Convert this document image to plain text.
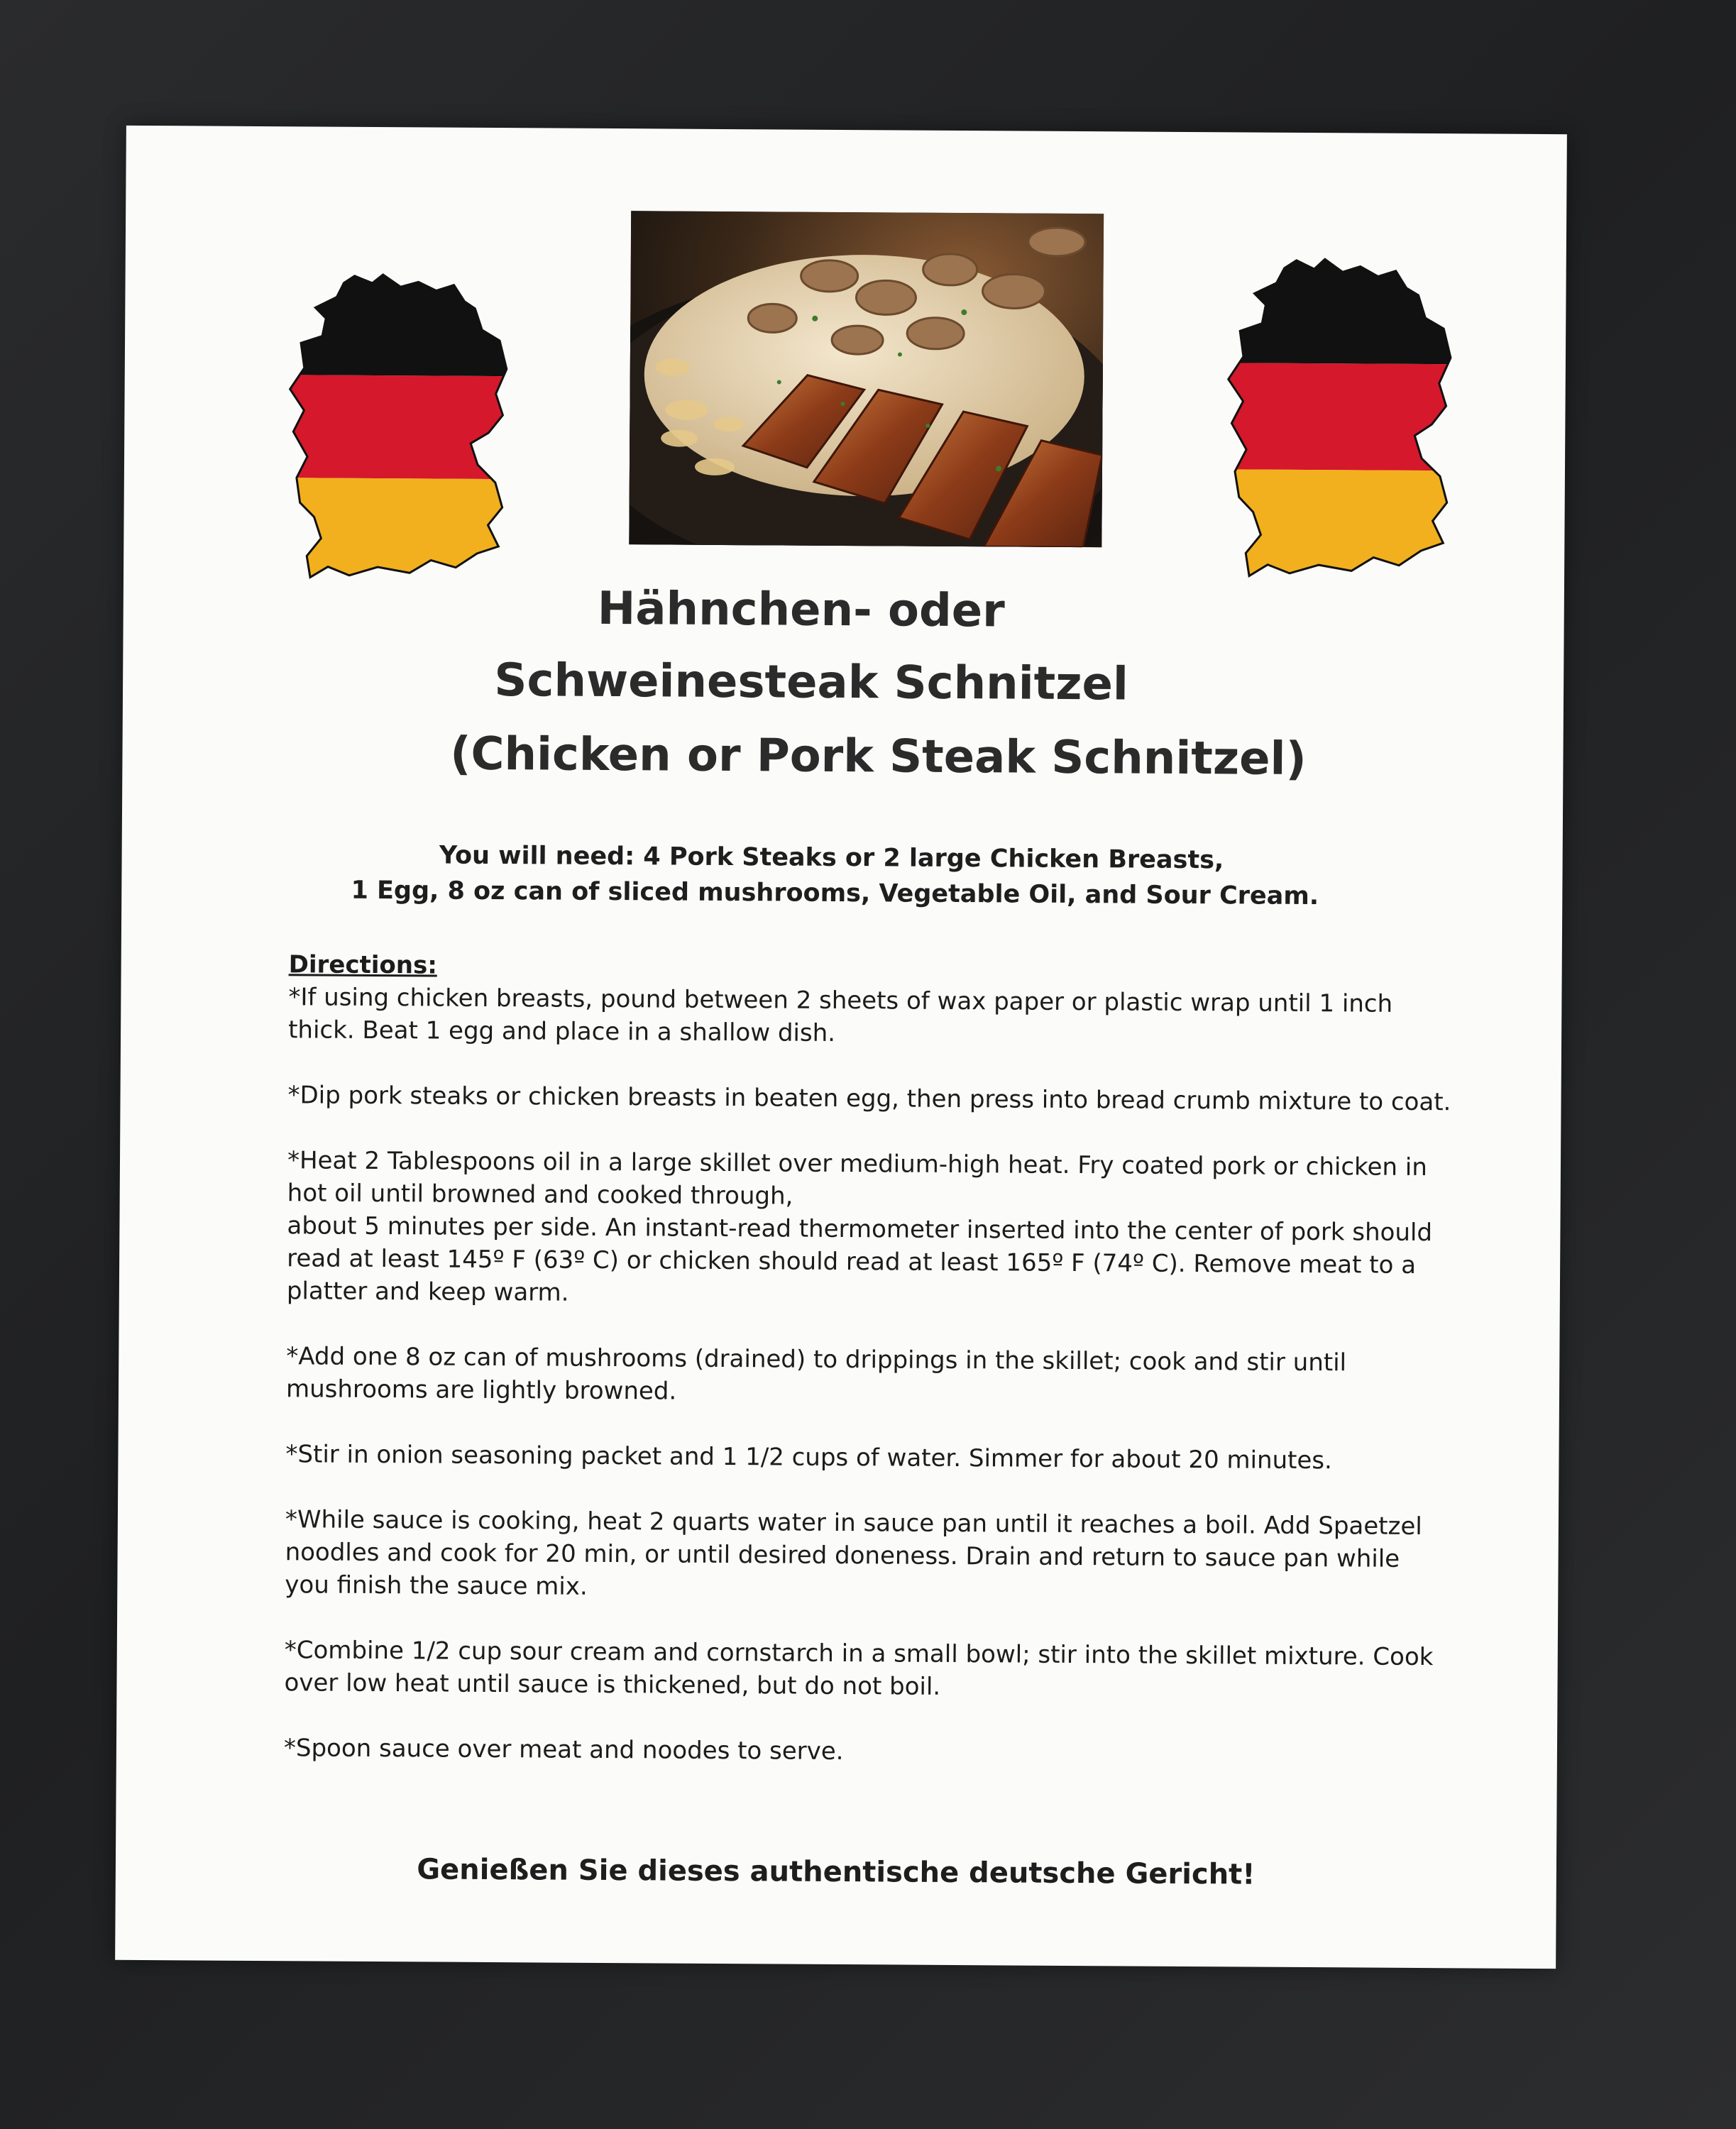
Hähnchen- oder
Schweinesteak Schnitzel
(Chicken or Pork Steak Schnitzel)
You will need: 4 Pork Steaks or 2 large Chicken Breasts,
1 Egg, 8 oz can of sliced mushrooms, Vegetable Oil, and Sour Cream.
Directions:
*If using chicken breasts, pound between 2 sheets of wax paper or plastic wrap until 1 inch thick. Beat 1 egg and place in a shallow dish.
*Dip pork steaks or chicken breasts in beaten egg, then press into bread crumb mixture to coat.
*Heat 2 Tablespoons oil in a large skillet over medium-high heat. Fry coated pork or chicken in hot oil until browned and cooked through,
about 5 minutes per side. An instant-read thermometer inserted into the center of pork should read at least 145º F (63º C) or chicken should read at least 165º F (74º C). Remove meat to a platter and keep warm.
*Add one 8 oz can of mushrooms (drained) to drippings in the skillet; cook and stir until mushrooms are lightly browned.
*Stir in onion seasoning packet and 1 1/2 cups of water. Simmer for about 20 minutes.
*While sauce is cooking, heat 2 quarts water in sauce pan until it reaches a boil. Add Spaetzel noodles and cook for 20 min, or until desired doneness. Drain and return to sauce pan while you finish the sauce mix.
*Combine 1/2 cup sour cream and cornstarch in a small bowl; stir into the skillet mixture. Cook over low heat until sauce is thickened, but do not boil.
*Spoon sauce over meat and noodes to serve.
Genießen Sie dieses authentische deutsche Gericht!
